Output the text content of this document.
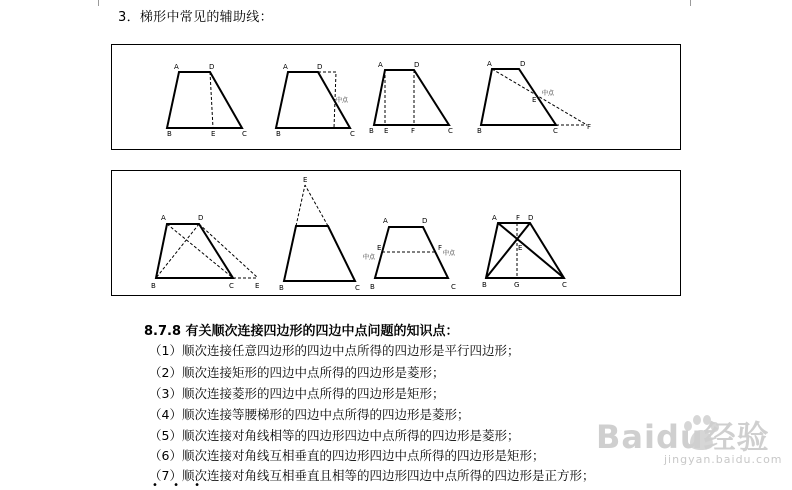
3．梯形中常见的辅助线：
A	D
B	E	C
A	D
B	C
中点
A	D
B E	F	C
A	D
B
E
C	F
中点
A	D
B	C	E
E
B	C
A	D
E	F
B	C
中点
中点
A	F D
E
B	G	C
8.7.8 有关顺次连接四边形的四边中点问题的知识点：
（1）顺次连接任意四边形的四边中点所得的四边形是平行四边形；
（2）顺次连接矩形的四边中点所得的四边形是菱形；
（3）顺次连接菱形的四边中点所得的四边形是矩形；
（4）顺次连接等腰梯形的四边中点所得的四边形是菱形；
（5）顺次连接对角线相等的四边形四边中点所得的四边形是菱形；
（6）顺次连接对角线互相垂直的四边形四边中点所得的四边形是矩形；
（7）顺次连接对角线互相垂直且相等的四边形四边中点所得的四边形是正方形；
• • •
Baidu经验
jingyan.baidu.com
